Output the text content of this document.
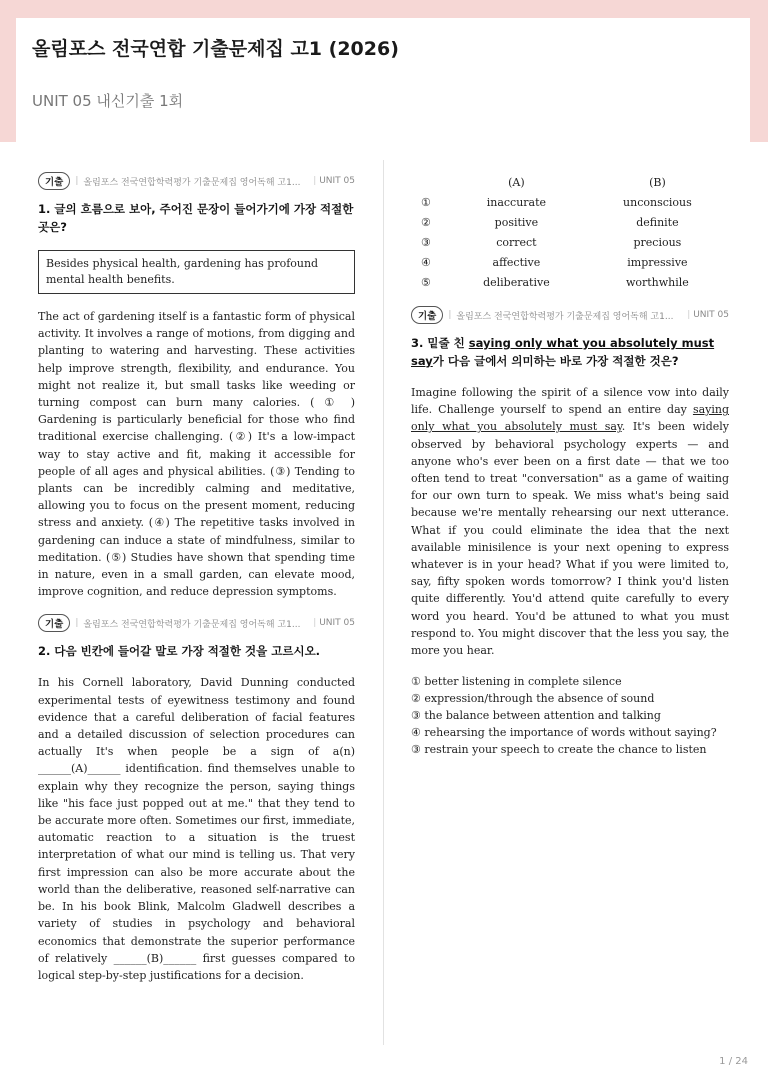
올림포스 전국연합 기출문제집 고1 (2026)
UNIT 05 내신기출 1회
기출	| 올림포스 전국연합학력평가 기출문제집 영어독해 고1...	| UNIT 05
1. 글의 흐름으로 보아, 주어진 문장이 들어가기에 가장 적절한 곳은?
Besides physical health, gardening has profound mental health benefits.
The act of gardening itself is a fantastic form of physical activity. It involves a range of motions, from digging and planting to watering and harvesting. These activities help improve strength, flexibility, and endurance. You might not realize it, but small tasks like weeding or turning compost can burn many calories. ( ① ) Gardening is particularly beneficial for those who find traditional exercise challenging. (②) It's a low-impact way to stay active and fit, making it accessible for people of all ages and physical abilities. (③) Tending to plants can be incredibly calming and meditative, allowing you to focus on the present moment, reducing stress and anxiety. (④) The repetitive tasks involved in gardening can induce a state of mindfulness, similar to meditation. (⑤) Studies have shown that spending time in nature, even in a small garden, can elevate mood, improve cognition, and reduce depression symptoms.
기출	| 올림포스 전국연합학력평가 기출문제집 영어독해 고1...	| UNIT 05
2. 다음 빈칸에 들어갈 말로 가장 적절한 것을 고르시오.
In his Cornell laboratory, David Dunning conducted experimental tests of eyewitness testimony and found evidence that a careful deliberation of facial features and a detailed discussion of selection procedures can actually It's when people be a sign of a(n) ______(A)______ identification. find themselves unable to explain why they recognize the person, saying things like "his face just popped out at me." that they tend to be accurate more often. Sometimes our first, immediate, automatic reaction to a situation is the truest interpretation of what our mind is telling us. That very first impression can also be more accurate about the world than the deliberative, reasoned self-narrative can be. In his book Blink, Malcolm Gladwell describes a variety of studies in psychology and behavioral economics that demonstrate the superior performance of relatively ______(B)______ first guesses compared to logical step-by-step justifications for a decision.
	(A)	(B)
①	inaccurate	unconscious
②	positive	definite
③	correct	precious
④	affective	impressive
⑤	deliberative	worthwhile
기출	| 올림포스 전국연합학력평가 기출문제집 영어독해 고1...	| UNIT 05
3. 밑줄 친 saying only what you absolutely must say가 다음 글에서 의미하는 바로 가장 적절한 것은?
Imagine following the spirit of a silence vow into daily life. Challenge yourself to spend an entire day saying only what you absolutely must say. It's been widely observed by behavioral psychology experts — and anyone who's ever been on a first date — that we too often tend to treat "conversation" as a game of waiting for our own turn to speak. We miss what's being said because we're mentally rehearsing our next utterance. What if you could eliminate the idea that the next available minisilence is your next opening to express whatever is in your head? What if you were limited to, say, fifty spoken words tomorrow? I think you'd listen quite differently. You'd attend quite carefully to every word you heard. You'd be attuned to what you must respond to. You might discover that the less you say, the more you hear.
① better listening in complete silence
② expression/through the absence of sound
③ the balance between attention and talking
④ rehearsing the importance of words without saying?
③ restrain your speech to create the chance to listen
1 / 24
